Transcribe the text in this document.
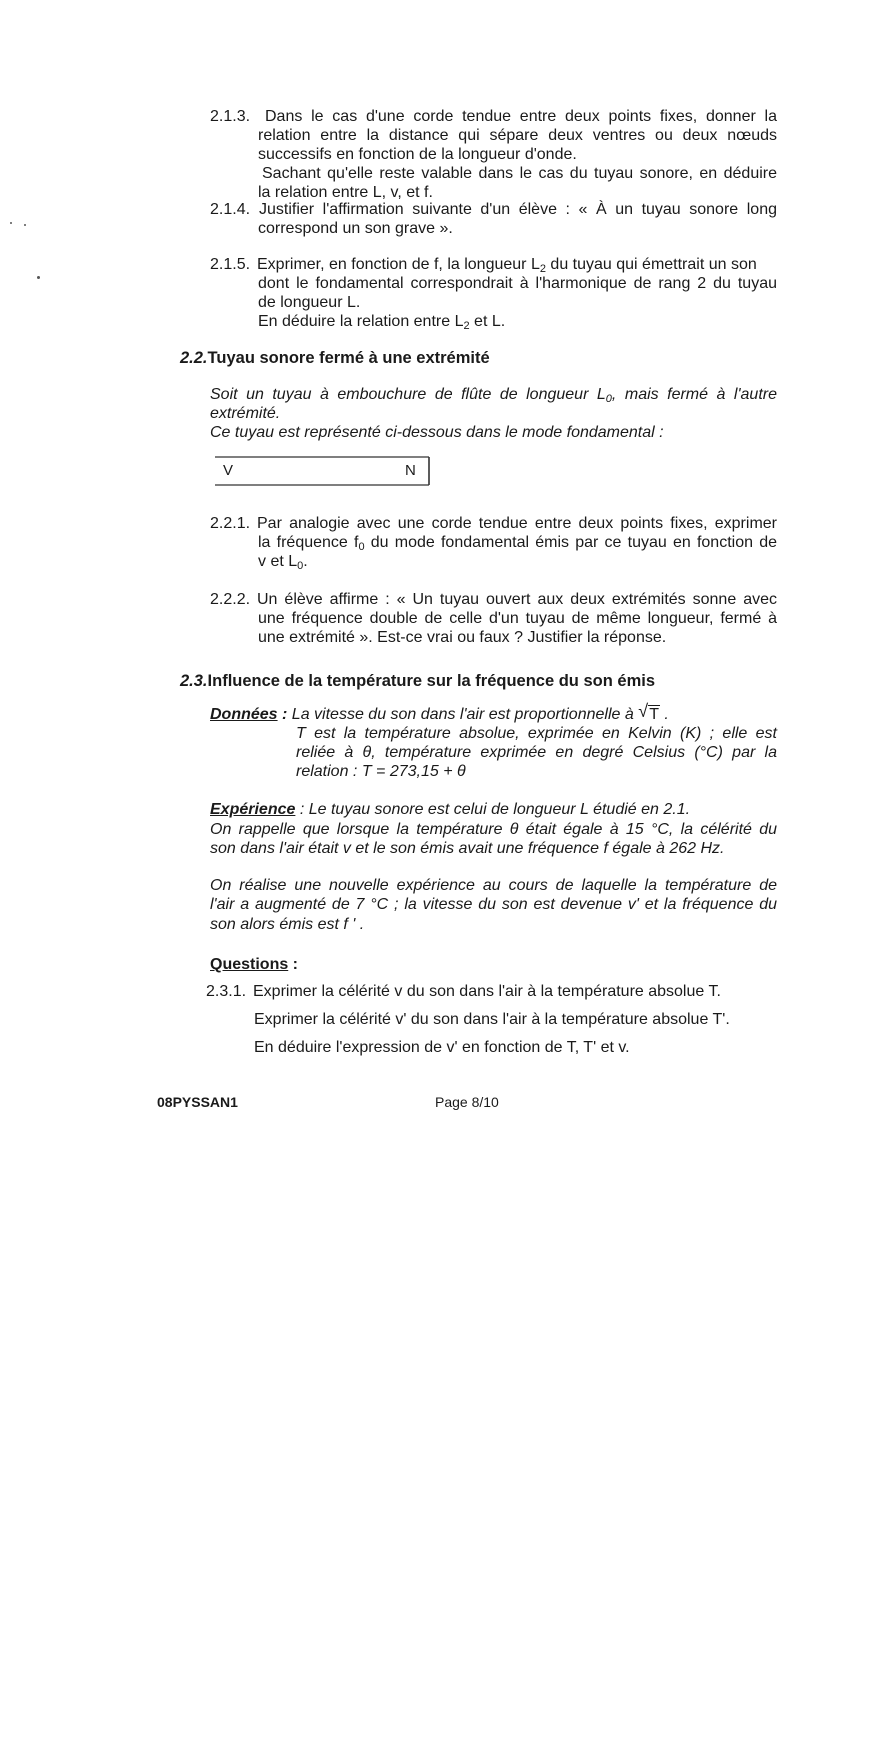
2.1.3. Dans le cas d'une corde tendue entre deux points fixes, donner la
relation entre la distance qui sépare deux ventres ou deux nœuds
successifs en fonction de la longueur d'onde.
Sachant qu'elle reste valable dans le cas du tuyau sonore, en déduire
la relation entre L, v, et f.
2.1.4. Justifier l'affirmation suivante d'un élève : « À un tuyau sonore long
correspond un son grave ».
2.1.5. Exprimer, en fonction de f, la longueur $L_2$ du tuyau qui émettrait un son
dont le fondamental correspondrait à l'harmonique de rang 2 du tuyau
de longueur L.
En déduire la relation entre $L_2$ et L.
2.2.Tuyau sonore fermé à une extrémité
Soit un tuyau à embouchure de flûte de longueur $L_0$, mais fermé à l'autre
extrémité.
Ce tuyau est représenté ci-dessous dans le mode fondamental :
V	N
2.2.1. Par analogie avec une corde tendue entre deux points fixes, exprimer
la fréquence $f_0$ du mode fondamental émis par ce tuyau en fonction de
v et $L_0$.
2.2.2. Un élève affirme : « Un tuyau ouvert aux deux extrémités sonne avec
une fréquence double de celle d'un tuyau de même longueur, fermé à
une extrémité ». Est-ce vrai ou faux ? Justifier la réponse.
2.3.Influence de la température sur la fréquence du son émis
Données : La vitesse du son dans l'air est proportionnelle à √ T .
T est la température absolue, exprimée en Kelvin (K) ; elle est
reliée à θ, température exprimée en degré Celsius (°C) par la
relation : T = 273,15 + θ
Expérience : Le tuyau sonore est celui de longueur L étudié en 2.1.
On rappelle que lorsque la température θ était égale à 15 °C, la célérité du
son dans l'air était v et le son émis avait une fréquence f égale à 262 Hz.
On réalise une nouvelle expérience au cours de laquelle la température de
l'air a augmenté de 7 °C ; la vitesse du son est devenue v' et la fréquence du
son alors émis est f ' .
Questions :
2.3.1. Exprimer la célérité v du son dans l'air à la température absolue T.
Exprimer la célérité v' du son dans l'air à la température absolue T'.
En déduire l'expression de v' en fonction de T, T' et v.
08PYSSAN1	Page 8/10
